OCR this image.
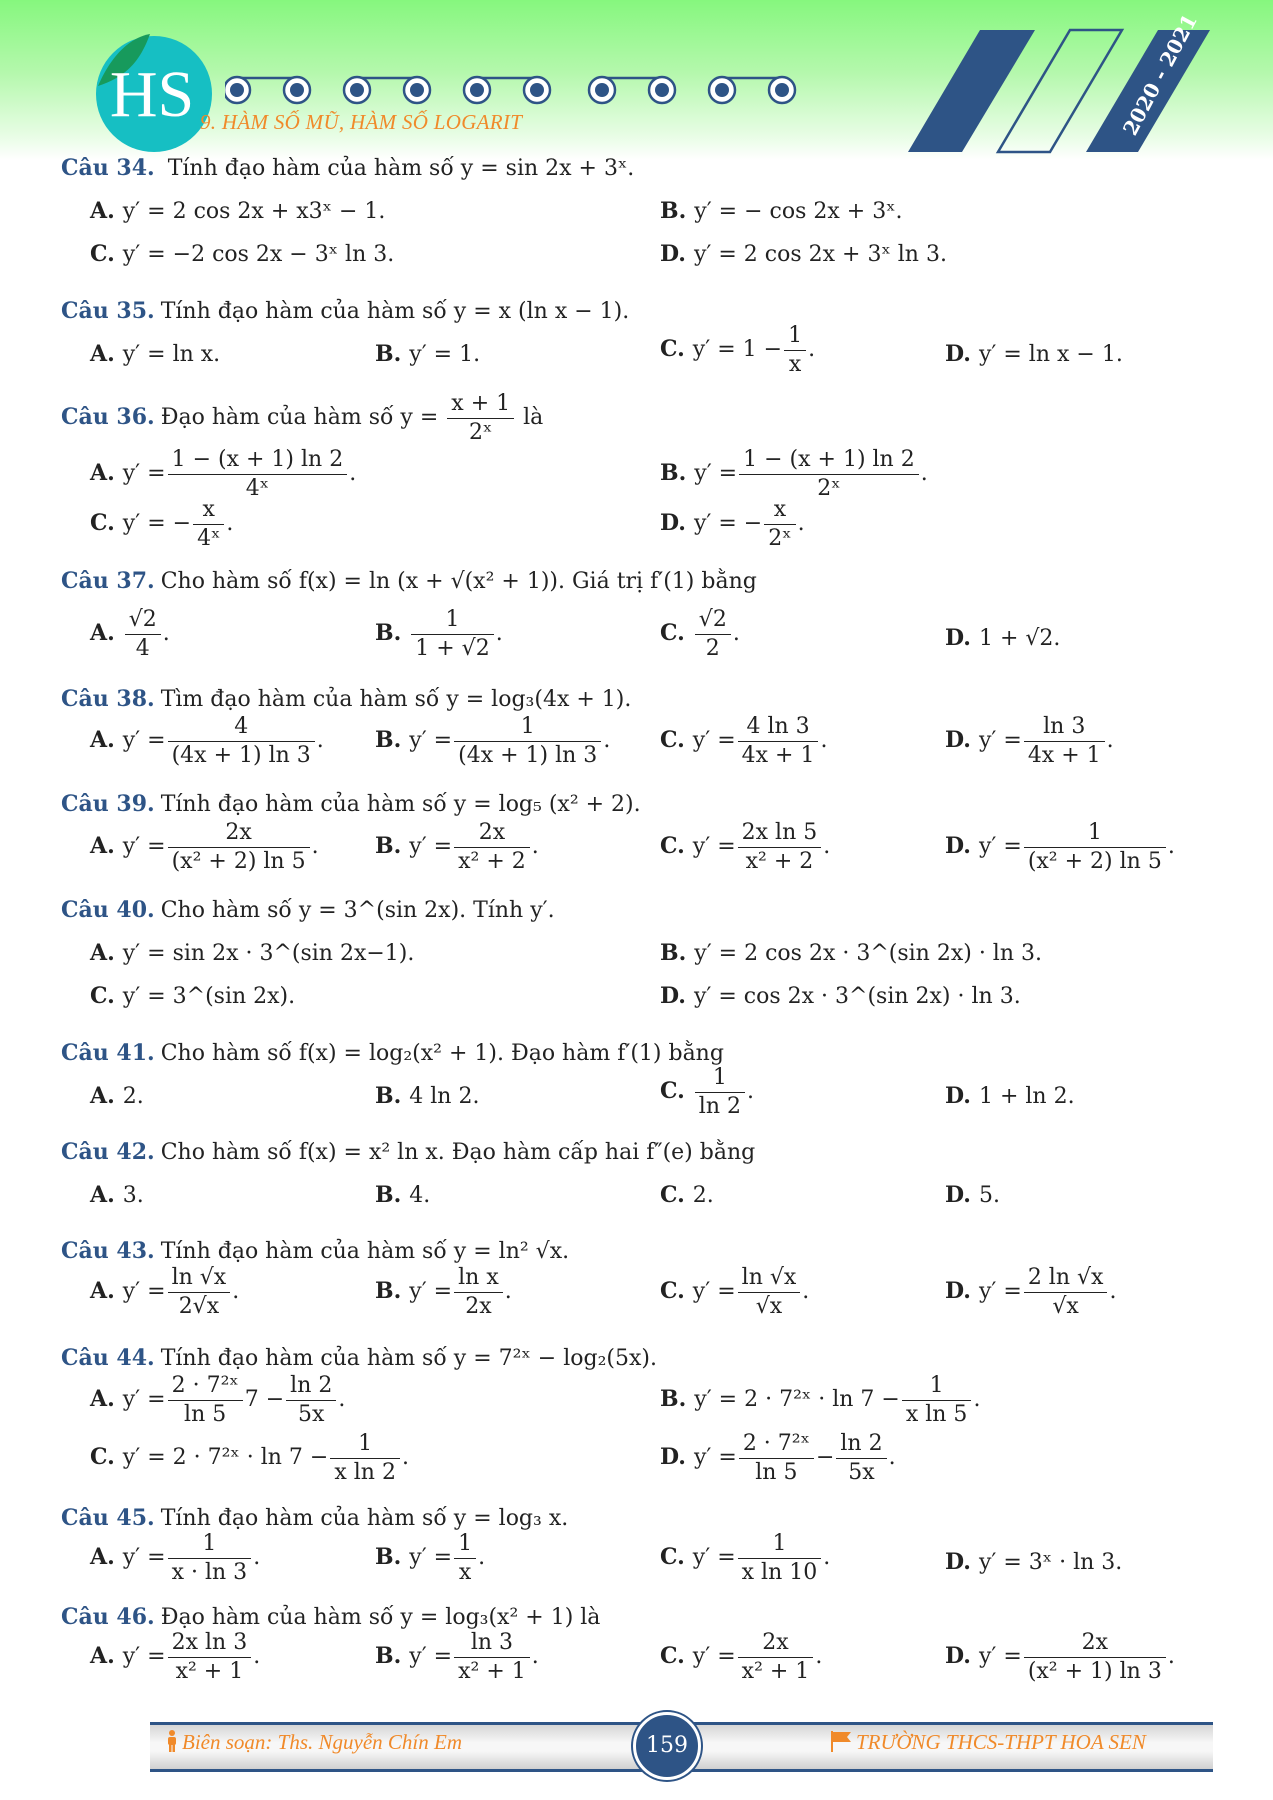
HS 9. HÀM SỐ MŨ, HÀM SỐ LOGARIT	2020 - 2021
Câu 34. Tính đạo hàm của hàm số y = sin 2x + 3ˣ.
A. y′ = 2 cos 2x + x3ˣ − 1.	B. y′ = − cos 2x + 3ˣ.
C. y′ = −2 cos 2x − 3ˣ ln 3.	D. y′ = 2 cos 2x + 3ˣ ln 3.
Câu 35. Tính đạo hàm của hàm số y = x (ln x − 1).
A. y′ = ln x.	B. y′ = 1.	C. $y' = 1 - \frac{1}{x}$ .	D. y′ = ln x − 1.
Câu 36. Đạo hàm của hàm số $y = \frac{x + 1}{\text{2ˣ}}$ là
A. $y' = \frac{1 - (x + 1) \ln 2}{\text{4ˣ}}$ .	B. $y' = \frac{1 - (x + 1) \ln 2}{\text{2ˣ}}$ .
C. y′ = − $\frac{x}{\text{4ˣ}}$ .	D. y′ = − $\frac{x}{\text{2ˣ}}$ .
Câu 37. Cho hàm số f(x) = ln (x + √(x² + 1)). Giá trị f′(1) bằng
A. $\frac{√2}{4}$ .	B. $\frac{1}{1 + √2}$ .	C. $\frac{√2}{2}$ .	D. 1 + √2.
Câu 38. Tìm đạo hàm của hàm số y = log₃(4x + 1).
A. $y' = \frac{4}{(4x + 1) \ln 3}$ . B. $y' = \frac{1}{(4x + 1) \ln 3}$ . C. $y' = \frac{4 \ln 3}{4x + 1}$ .	D. $y' = \frac{\ln 3}{4x + 1}$ .
Câu 39. Tính đạo hàm của hàm số y = log₅ (x² + 2).
A. $y' = \frac{2x}{\text{(x² + 2) ln 5}}$ .	B. $y' = \frac{2x}{\text{x² + 2}}$ .	C. $y' = \frac{\text{2x ln 5}}{\text{x² + 2}}$ .	D. $y' = \frac{1}{\text{(x² + 2) ln 5}}$ .
Câu 40. Cho hàm số y = 3^(sin 2x). Tính y′.
A. y′ = sin 2x · 3^(sin 2x−1).	B. y′ = 2 cos 2x · 3^(sin 2x) · ln 3.
C. y′ = 3^(sin 2x).	D. y′ = cos 2x · 3^(sin 2x) · ln 3.
Câu 41. Cho hàm số f(x) = log₂(x² + 1). Đạo hàm f′(1) bằng
A. 2.	B. 4 ln 2.	C. $\frac{1}{\ln 2}$ .	D. 1 + ln 2.
Câu 42. Cho hàm số f(x) = x² ln x. Đạo hàm cấp hai f″(e) bằng
A. 3.	B. 4.	C. 2.	D. 5.
Câu 43. Tính đạo hàm của hàm số y = ln² √x.
A. $y' = \frac{\ln √x}{2√x}$ .	B. $y' = \frac{\text{ln x}}{2x}$ .	C. $y' = \frac{\ln √x}{√x}$ .	D. $y' = \frac{2 \ln √x}{√x}$ .
Câu 44. Tính đạo hàm của hàm số y = 7²ˣ − log₂(5x).
A. $y' = \frac{\text{2 · 7²ˣ}}{\ln 5} 7 - \frac{\ln 2}{5x}$ .	B. y′ = 2 · 7²ˣ · $\ln 7 - \frac{1}{\text{x ln 5}}$ .
C. y′ = 2 · 7²ˣ · $\ln 7 - \frac{1}{\text{x ln 2}}$ .	D. $y' = \frac{\text{2 · 7²ˣ}}{\ln 5} - \frac{\ln 2}{5x}$ .
Câu 45. Tính đạo hàm của hàm số y = log₃ x.
A. $y' = \frac{1}{x \cdot \ln 3}$ .	B. $y' = \frac{1}{x}$ .	C. $y' = \frac{1}{\text{x ln 10}}$ .	D. y′ = 3ˣ · ln 3.
Câu 46. Đạo hàm của hàm số y = log₃(x² + 1) là
A. $y' = \frac{\text{2x ln 3}}{\text{x² + 1}}$ .	B. $y' = \frac{\ln 3}{\text{x² + 1}}$ .	C. $y' = \frac{2x}{\text{x² + 1}}$ .	D. $y' = \frac{2x}{\text{(x² + 1) ln 3}}$ .
Biên soạn: Ths. Nguyễn Chín Em	159	TRƯỜNG THCS-THPT HOA SEN
